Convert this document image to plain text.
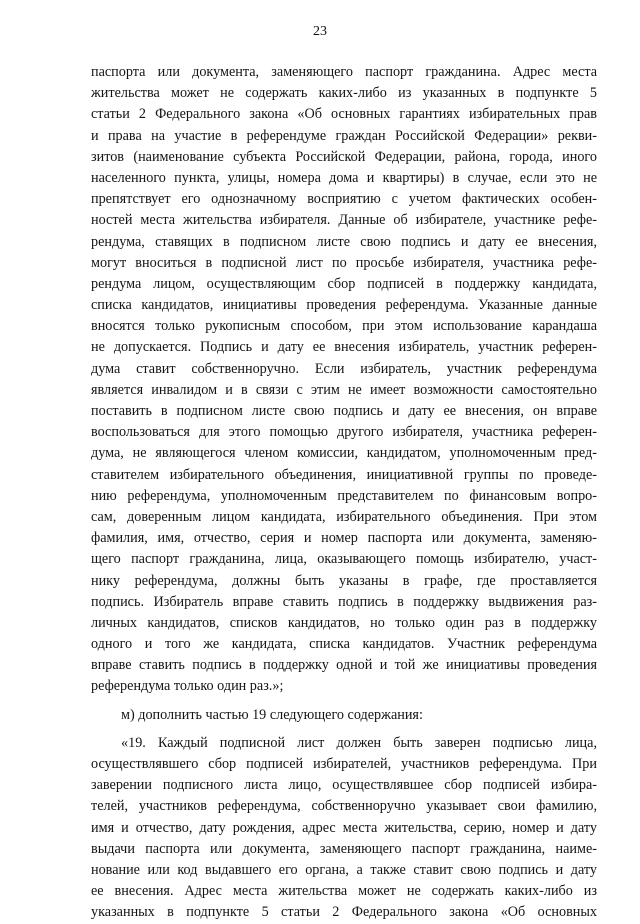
23
паспорта или документа, заменяющего паспорт гражданина. Адрес места
жительства может не содержать каких-либо из указанных в подпункте 5
статьи 2 Федерального закона «Об основных гарантиях избирательных прав
и права на участие в референдуме граждан Российской Федерации» рекви-
зитов (наименование субъекта Российской Федерации, района, города, иного
населенного пункта, улицы, номера дома и квартиры) в случае, если это не
препятствует его однозначному восприятию с учетом фактических особен-
ностей места жительства избирателя. Данные об избирателе, участнике рефе-
рендума, ставящих в подписном листе свою подпись и дату ее внесения,
могут вноситься в подписной лист по просьбе избирателя, участника рефе-
рендума лицом, осуществляющим сбор подписей в поддержку кандидата,
списка кандидатов, инициативы проведения референдума. Указанные данные
вносятся только рукописным способом, при этом использование карандаша
не допускается. Подпись и дату ее внесения избиратель, участник референ-
дума ставит собственноручно. Если избиратель, участник референдума
является инвалидом и в связи с этим не имеет возможности самостоятельно
поставить в подписном листе свою подпись и дату ее внесения, он вправе
воспользоваться для этого помощью другого избирателя, участника референ-
дума, не являющегося членом комиссии, кандидатом, уполномоченным пред-
ставителем избирательного объединения, инициативной группы по проведе-
нию референдума, уполномоченным представителем по финансовым вопро-
сам, доверенным лицом кандидата, избирательного объединения. При этом
фамилия, имя, отчество, серия и номер паспорта или документа, заменяю-
щего паспорт гражданина, лица, оказывающего помощь избирателю, участ-
нику референдума, должны быть указаны в графе, где проставляется
подпись. Избиратель вправе ставить подпись в поддержку выдвижения раз-
личных кандидатов, списков кандидатов, но только один раз в поддержку
одного и того же кандидата, списка кандидатов. Участник референдума
вправе ставить подпись в поддержку одной и той же инициативы проведения
референдума только один раз.»;
м) дополнить частью 19 следующего содержания:
«19. Каждый подписной лист должен быть заверен подписью лица,
осуществлявшего сбор подписей избирателей, участников референдума. При
заверении подписного листа лицо, осуществлявшее сбор подписей избира-
телей, участников референдума, собственноручно указывает свои фамилию,
имя и отчество, дату рождения, адрес места жительства, серию, номер и дату
выдачи паспорта или документа, заменяющего паспорт гражданина, наиме-
нование или код выдавшего его органа, а также ставит свою подпись и дату
ее внесения. Адрес места жительства может не содержать каких-либо из
указанных в подпункте 5 статьи 2 Федерального закона «Об основных
